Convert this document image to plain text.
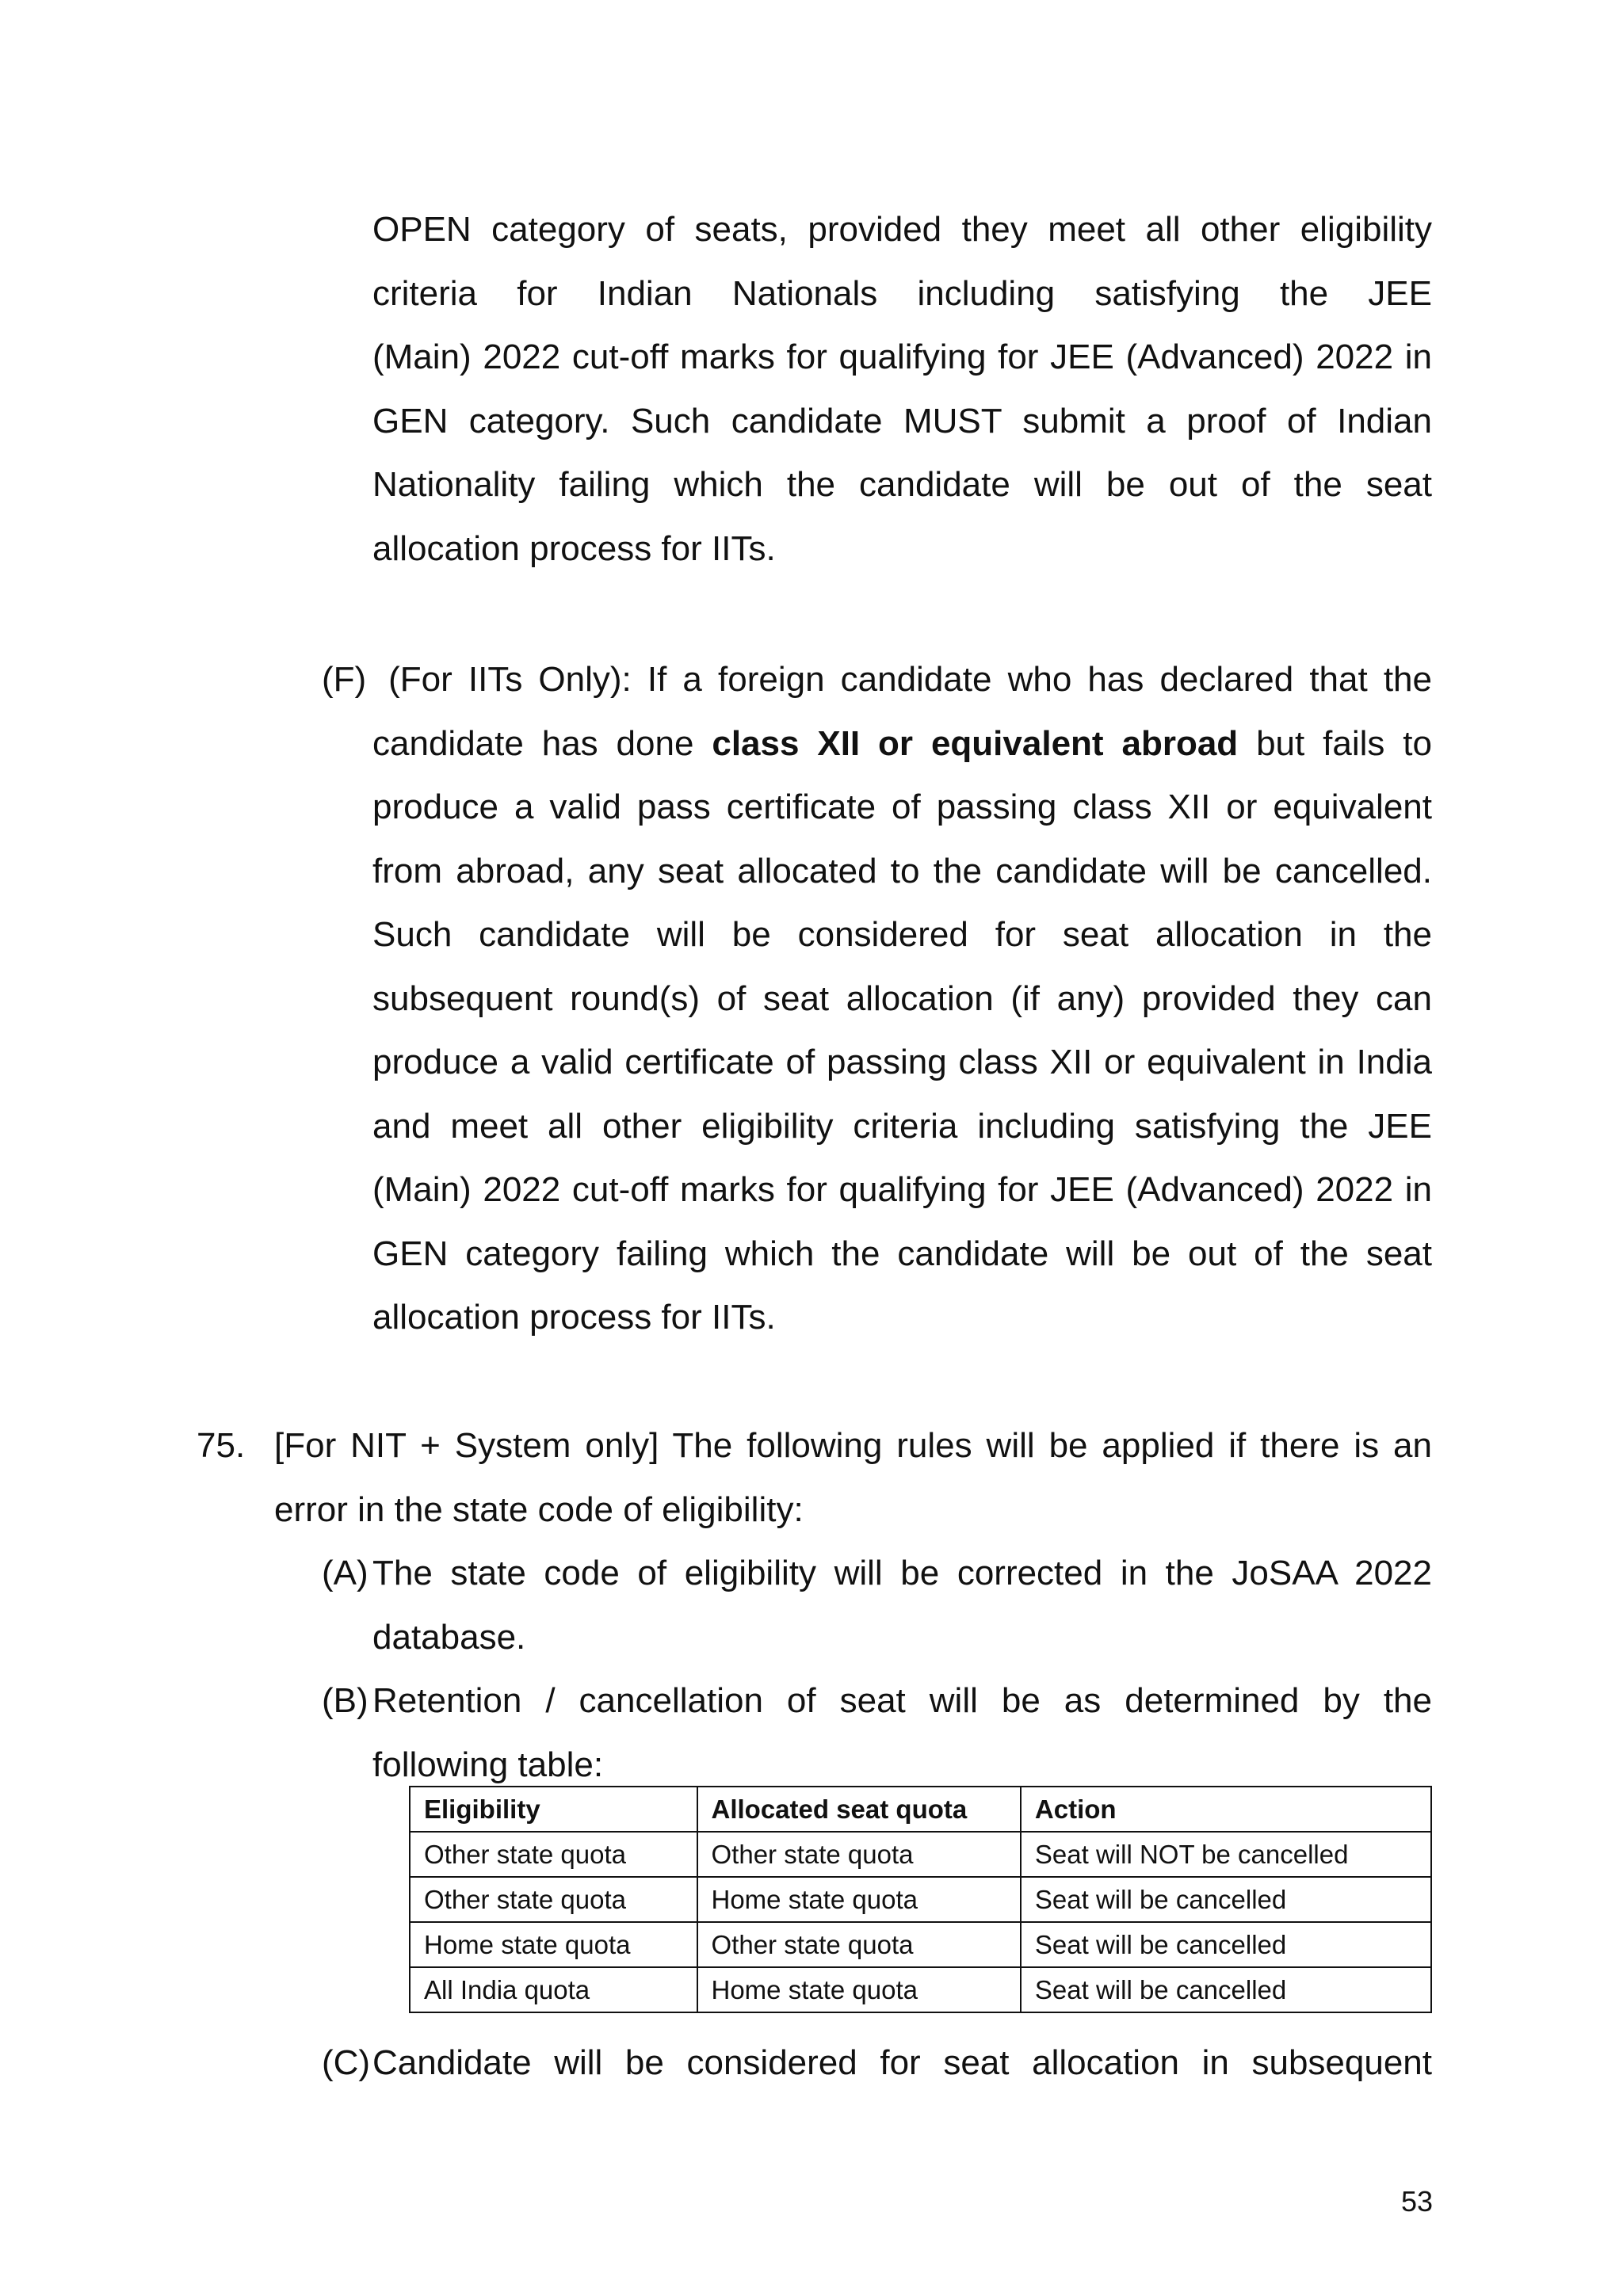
OPEN category of seats, provided they meet all other eligibility
criteria for Indian Nationals including satisfying the JEE
(Main) 2022 cut-off marks for qualifying for JEE (Advanced) 2022 in
GEN category. Such candidate MUST submit a proof of Indian
Nationality failing which the candidate will be out of the seat
allocation process for IITs.

(F) (For IITs Only): If a foreign candidate who has declared that the
candidate has done class XII or equivalent abroad but fails to
produce a valid pass certificate of passing class XII or equivalent
from abroad, any seat allocated to the candidate will be cancelled.
Such candidate will be considered for seat allocation in the
subsequent round(s) of seat allocation (if any) provided they can
produce a valid certificate of passing class XII or equivalent in India
and meet all other eligibility criteria including satisfying the JEE
(Main) 2022 cut-off marks for qualifying for JEE (Advanced) 2022 in
GEN category failing which the candidate will be out of the seat
allocation process for IITs.

75. [For NIT + System only] The following rules will be applied if there is an
error in the state code of eligibility:

(A) The state code of eligibility will be corrected in the JoSAA 2022
database.

(B) Retention / cancellation of seat will be as determined by the
following table:

Eligibility	Allocated seat quota	Action
Other state quota	Other state quota	Seat will NOT be cancelled
Other state quota	Home state quota	Seat will be cancelled
Home state quota	Other state quota	Seat will be cancelled
All India quota	Home state quota	Seat will be cancelled
(C) Candidate will be considered for seat allocation in subsequent

53
